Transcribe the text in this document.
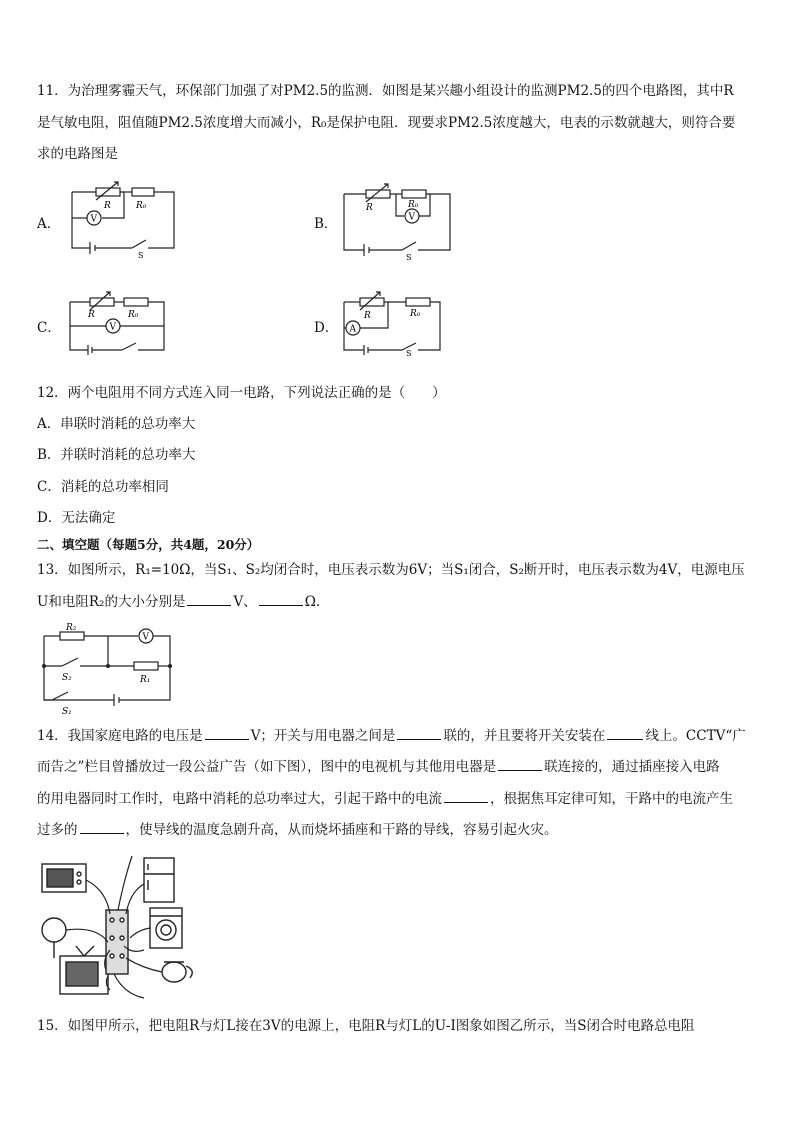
11．为治理雾霾天气，环保部门加强了对PM2.5的监测．如图是某兴趣小组设计的监测PM2.5的四个电路图，其中R
是气敏电阻，阻值随PM2.5浓度增大而减小，R₀是保护电阻．现要求PM2.5浓度越大，电表的示数就越大，则符合要
求的电路图是
A．
R	R₀
V
S
B．
R	R₀
V
S
C．
R	R₀
V	D．
R	R₀
A
S
12．两个电阻用不同方式连入同一电路，下列说法正确的是（　　）
A．串联时消耗的总功率大
B．并联时消耗的总功率大
C．消耗的总功率相同
D．无法确定
二、填空题（每题5分，共4题，20分）
13．如图所示，R₁=10Ω，当S₁、S₂均闭合时，电压表示数为6V；当S₁闭合，S₂断开时，电压表示数为4V，电源电压
U和电阻R₂的大小分别是	V、	Ω.
R₂
V
S₂	R₁
S₁
14．我国家庭电路的电压是	V；开关与用电器之间是	联的，并且要将开关安装在	线上。CCTV“广
而告之”栏目曾播放过一段公益广告（如下图），图中的电视机与其他用电器是	联连接的，通过插座接入电路
的用电器同时工作时，电路中消耗的总功率过大，引起干路中的电流	，根据焦耳定律可知，干路中的电流产生
过多的	，使导线的温度急剧升高，从而烧坏插座和干路的导线，容易引起火灾。
15．如图甲所示，把电阻R与灯L接在3V的电源上，电阻R与灯L的U-I图象如图乙所示，当S闭合时电路总电阻
